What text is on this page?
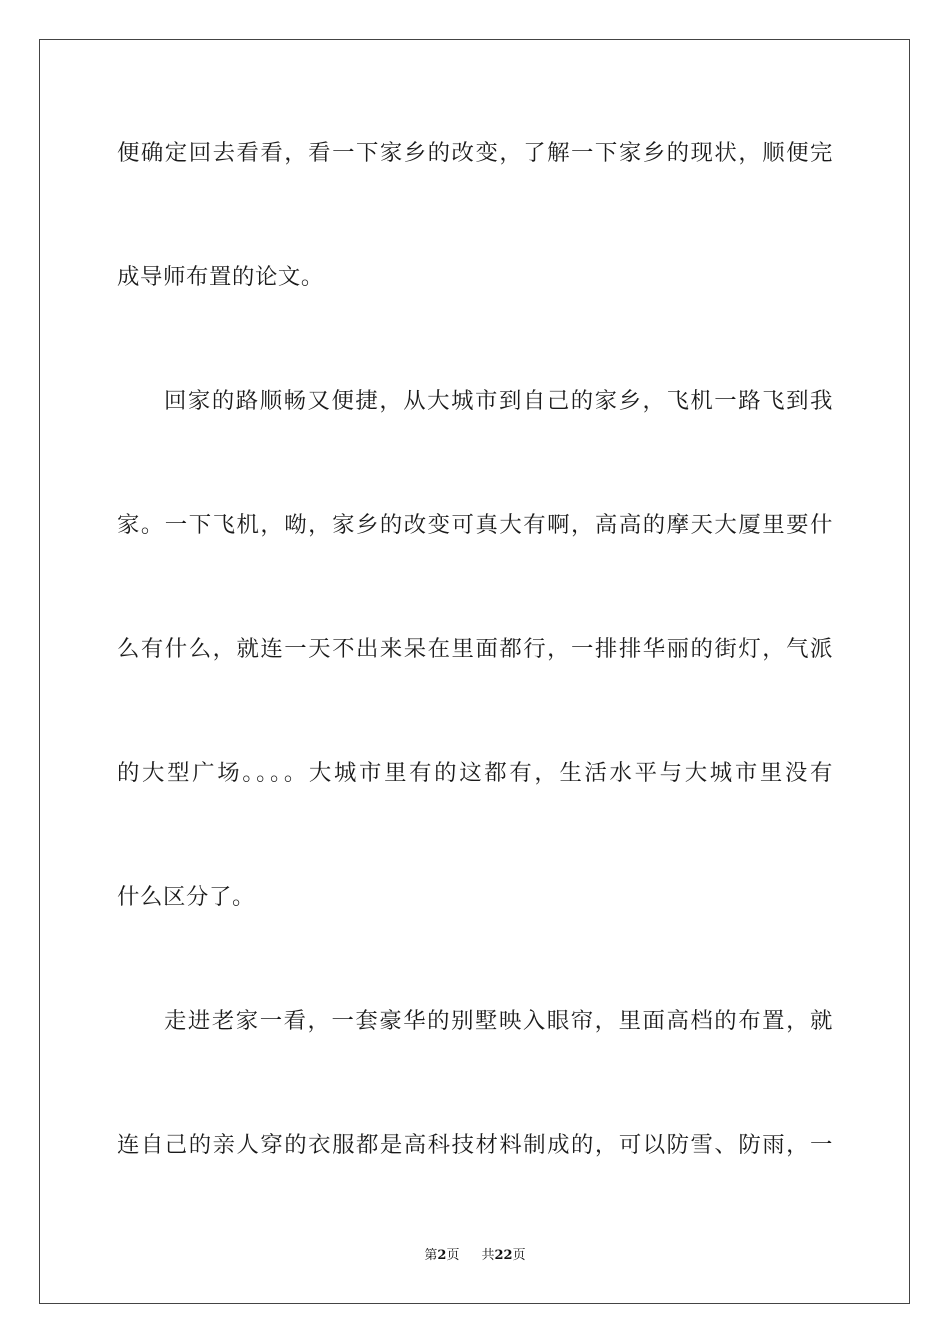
便确定回去看看，看一下家乡的改变，了解一下家乡的现状，顺便完
成导师布置的论文。
回家的路顺畅又便捷，从大城市到自己的家乡，飞机一路飞到我
家。一下飞机，呦，家乡的改变可真大有啊，高高的摩天大厦里要什
么有什么，就连一天不出来呆在里面都行，一排排华丽的街灯，气派
的大型广场。。。。大城市里有的这都有，生活水平与大城市里没有
什么区分了。
走进老家一看，一套豪华的别墅映入眼帘，里面高档的布置，就
连自己的亲人穿的衣服都是高科技材料制成的，可以防雪、防雨，一
第2页 共22页
